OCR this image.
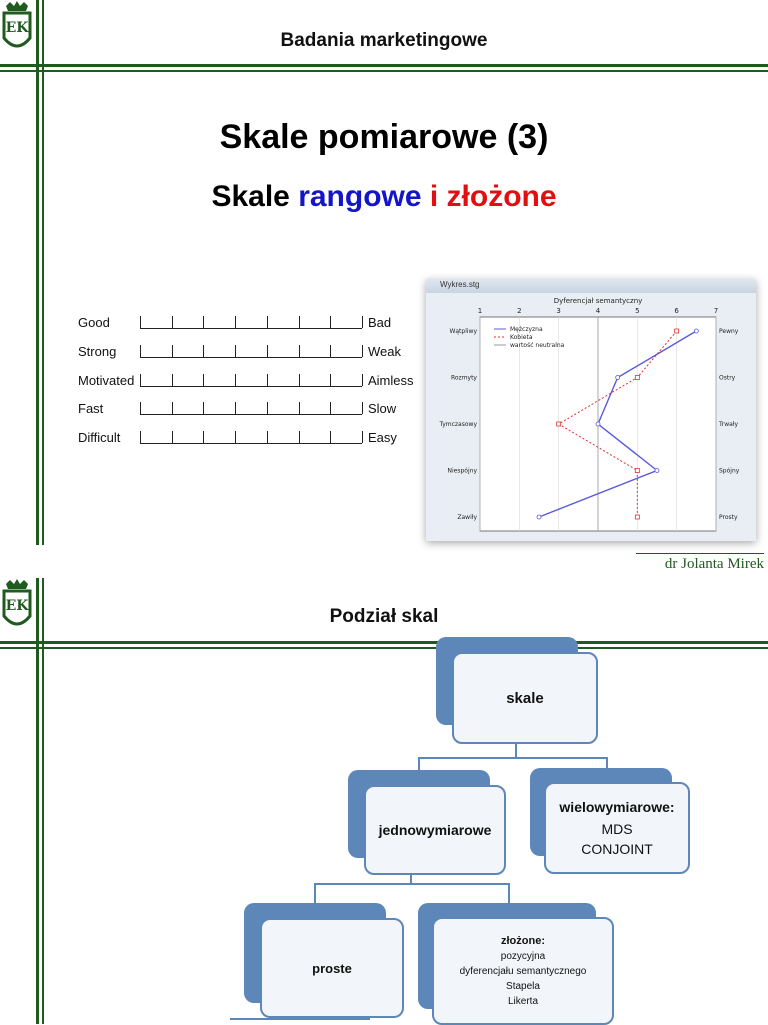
EK
Badania marketingowe
Skale pomiarowe (3)
Skale rangowe i złożone
Good	Bad
Strong	Weak
Motivated	Aimless
Fast	Slow
Difficult	Easy
Wykres.stg
Dyferencjał semantyczny
1	2	3	4	5	6	7
Wątpliwy	Pewny
Rozmyty	Ostry
Tymczasowy	Trwały
Niespójny	Spójny
Zawiły	Prosty
Mężczyzna
Kobieta
wartość neutralna
dr Jolanta Mirek
EK	Podział skal
skale
jednowymiarowe
wielowymiarowe:
MDS
CONJOINT
proste
złożone:
pozycyjna
dyferencjału semantycznego
Stapela
Likerta
